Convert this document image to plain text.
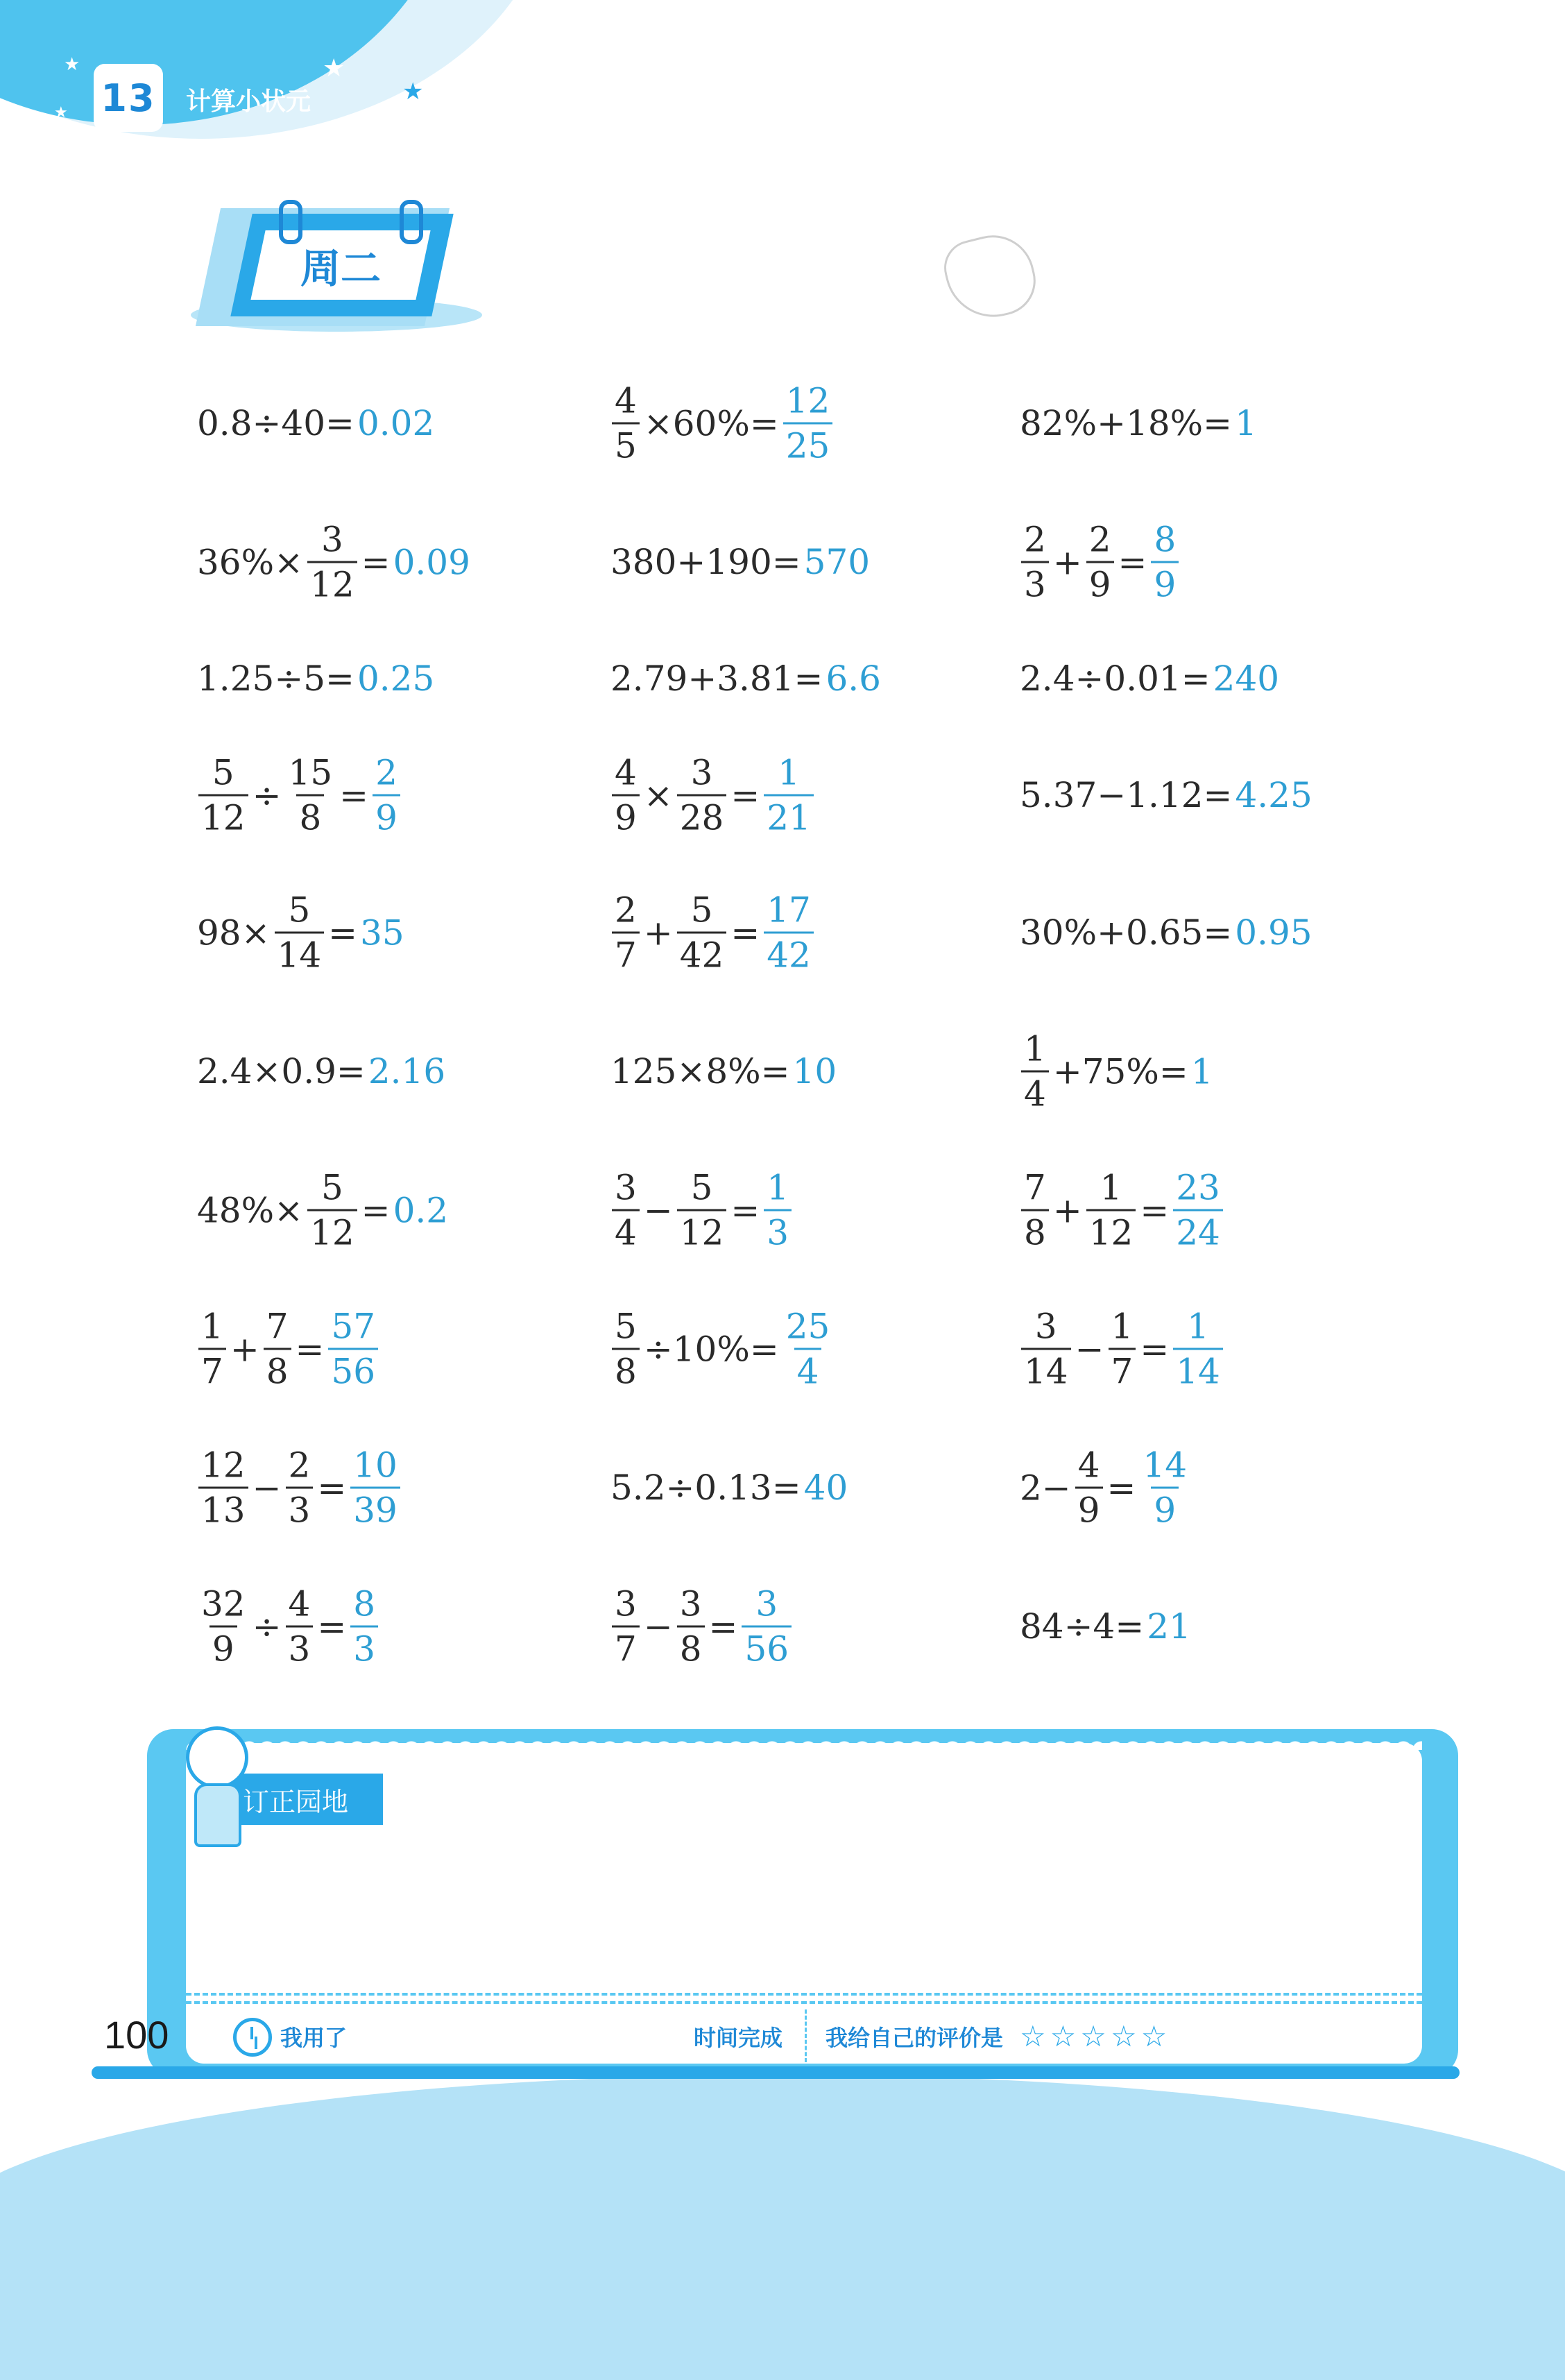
13 计算小状元
★
★
★
★
周二
0.8÷40= 0.02	$\frac{4}{5} \times 60\%= \frac{12}{25}$	82%+18%= 1
$36\%\times \frac{3}{12} = 0.09$	380+190= 570	$\frac{2}{3} + \frac{2}{9} = \frac{8}{9}$
1.25÷5= 0.25	2.79+3.81= 6.6	2.4÷0.01= 240
$\frac{5}{12} \div \frac{15}{8} = \frac{2}{9}$	$\frac{4}{9} \times \frac{3}{28} = \frac{1}{21}$	5.37−1.12= 4.25
$98\times \frac{5}{14} = 35$	$\frac{2}{7} + \frac{5}{42} = \frac{17}{42}$	30%+0.65= 0.95
2.4×0.9= 2.16	125×8%= 10	$\frac{1}{4} +75\%= 1$
$48\%\times \frac{5}{12} = 0.2$	$\frac{3}{4} - \frac{5}{12} = \frac{1}{3}$	$\frac{7}{8} + \frac{1}{12} = \frac{23}{24}$
$\frac{1}{7} + \frac{7}{8} = \frac{57}{56}$	$\frac{5}{8} \div 10\%= \frac{25}{4}$	$\frac{3}{14} - \frac{1}{7} = \frac{1}{14}$
$\frac{12}{13} - \frac{2}{3} = \frac{10}{39}$	5.2÷0.13= 40	$2- \frac{4}{9} = \frac{14}{9}$
$\frac{32}{9} \div \frac{4}{3} = \frac{8}{3}$	$\frac{3}{7} - \frac{3}{8} = \frac{3}{56}$	84÷4= 21
订正园地
我用了	时间完成 我给自己的评价是 ☆☆☆☆☆
100
